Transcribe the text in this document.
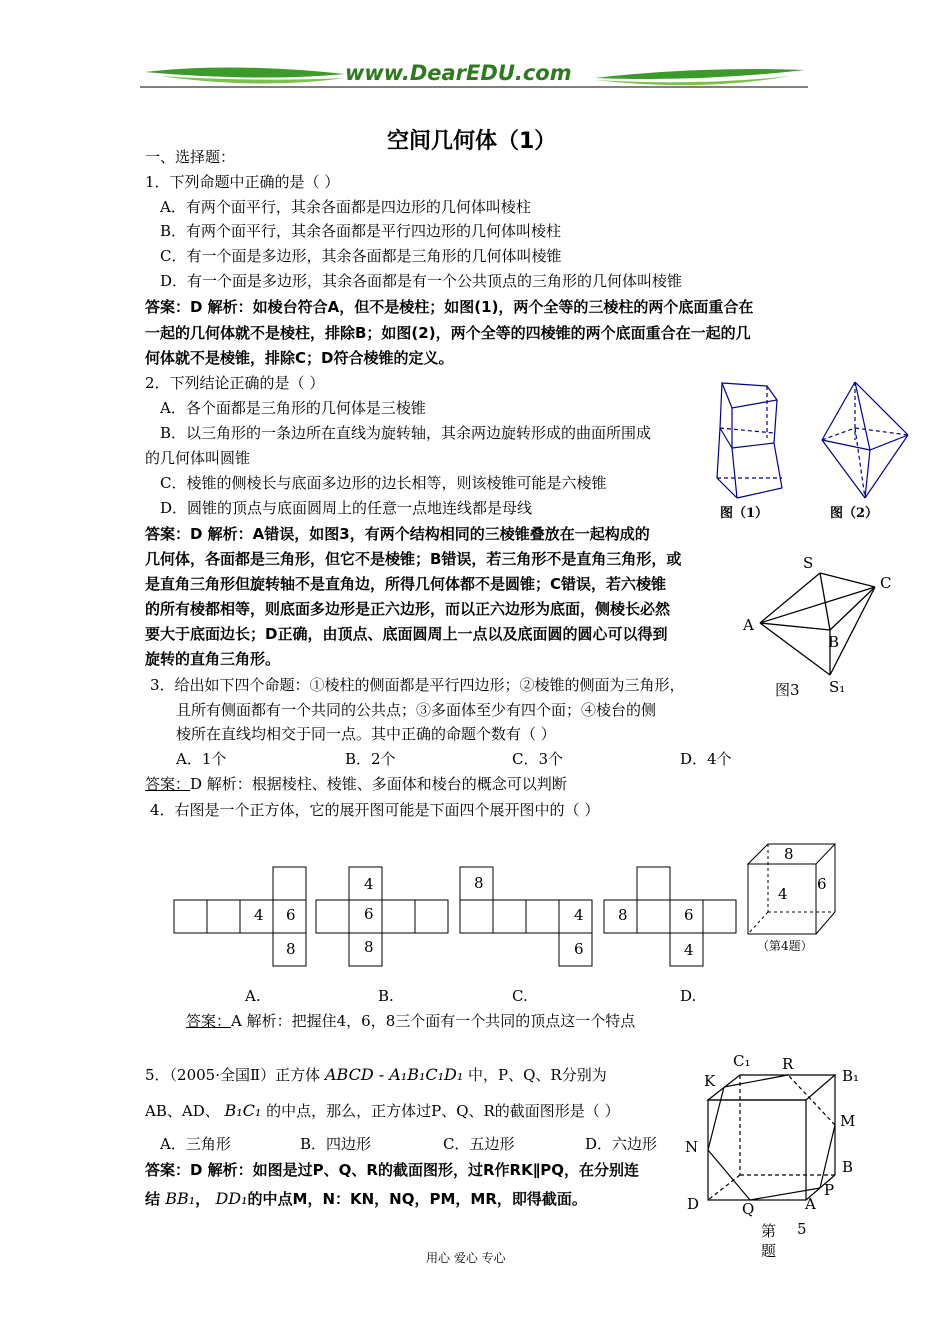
www.DearEDU.com
空间几何体（1）
一、选择题：
1．下列命题中正确的是（ ）
A．有两个面平行，其余各面都是四边形的几何体叫棱柱
B．有两个面平行，其余各面都是平行四边形的几何体叫棱柱
C．有一个面是多边形，其余各面都是三角形的几何体叫棱锥
D．有一个面是多边形，其余各面都是有一个公共顶点的三角形的几何体叫棱锥
答案：D 解析：如棱台符合A，但不是棱柱；如图(1)，两个全等的三棱柱的两个底面重合在
一起的几何体就不是棱柱，排除B；如图(2)，两个全等的四棱锥的两个底面重合在一起的几
何体就不是棱锥，排除C；D符合棱锥的定义。
2．下列结论正确的是（ ）
A．各个面都是三角形的几何体是三棱锥
B．以三角形的一条边所在直线为旋转轴，其余两边旋转形成的曲面所围成
的几何体叫圆锥
C．棱锥的侧棱长与底面多边形的边长相等，则该棱锥可能是六棱锥
D．圆锥的顶点与底面圆周上的任意一点地连线都是母线
答案：D 解析：A错误，如图3，有两个结构相同的三棱锥叠放在一起构成的
几何体，各面都是三角形，但它不是棱锥；B错误，若三角形不是直角三角形，或
是直角三角形但旋转轴不是直角边，所得几何体都不是圆锥；C错误，若六棱锥
的所有棱都相等，则底面多边形是正六边形，而以正六边形为底面，侧棱长必然
要大于底面边长；D正确，由顶点、底面圆周上一点以及底面圆的圆心可以得到
旋转的直角三角形。
图（1）	图（2）
S
C
A
B
S₁
图3
3．给出如下四个命题：①棱柱的侧面都是平行四边形；②棱锥的侧面为三角形，
且所有侧面都有一个共同的公共点；③多面体至少有四个面；④棱台的侧
棱所在直线均相交于同一点。其中正确的命题个数有（ ）
A．1个	B．2个	C．3个	D．4个
答案：D 解析：根据棱柱、棱锥、多面体和棱台的概念可以判断
4．右图是一个正方体，它的展开图可能是下面四个展开图中的（ ）
4 6
8
4
6
8
8
4
6
8	6
4
A.	B.	C.	D.
8
4
6
（第4题）
答案：A 解析：把握住4，6，8三个面有一个共同的顶点这一个特点
5．（2005·全国Ⅱ）正方体 ABCD - A₁B₁C₁D₁ 中，P、Q、R分别为
AB、AD、 B₁C₁ 的中点，那么，正方体过P、Q、R的截面图形是（ ）
A．三角形	B．四边形	C．五边形	D．六边形
答案：D 解析：如图是过P、Q、R的截面图形，过R作RK∥PQ，在分别连
结 BB₁， DD₁的中点M，N：KN，NQ，PM，MR，即得截面。
C₁ R
B₁
K
M
N
B
P
D	Q	A
第 5
题
用心 爱心 专心
